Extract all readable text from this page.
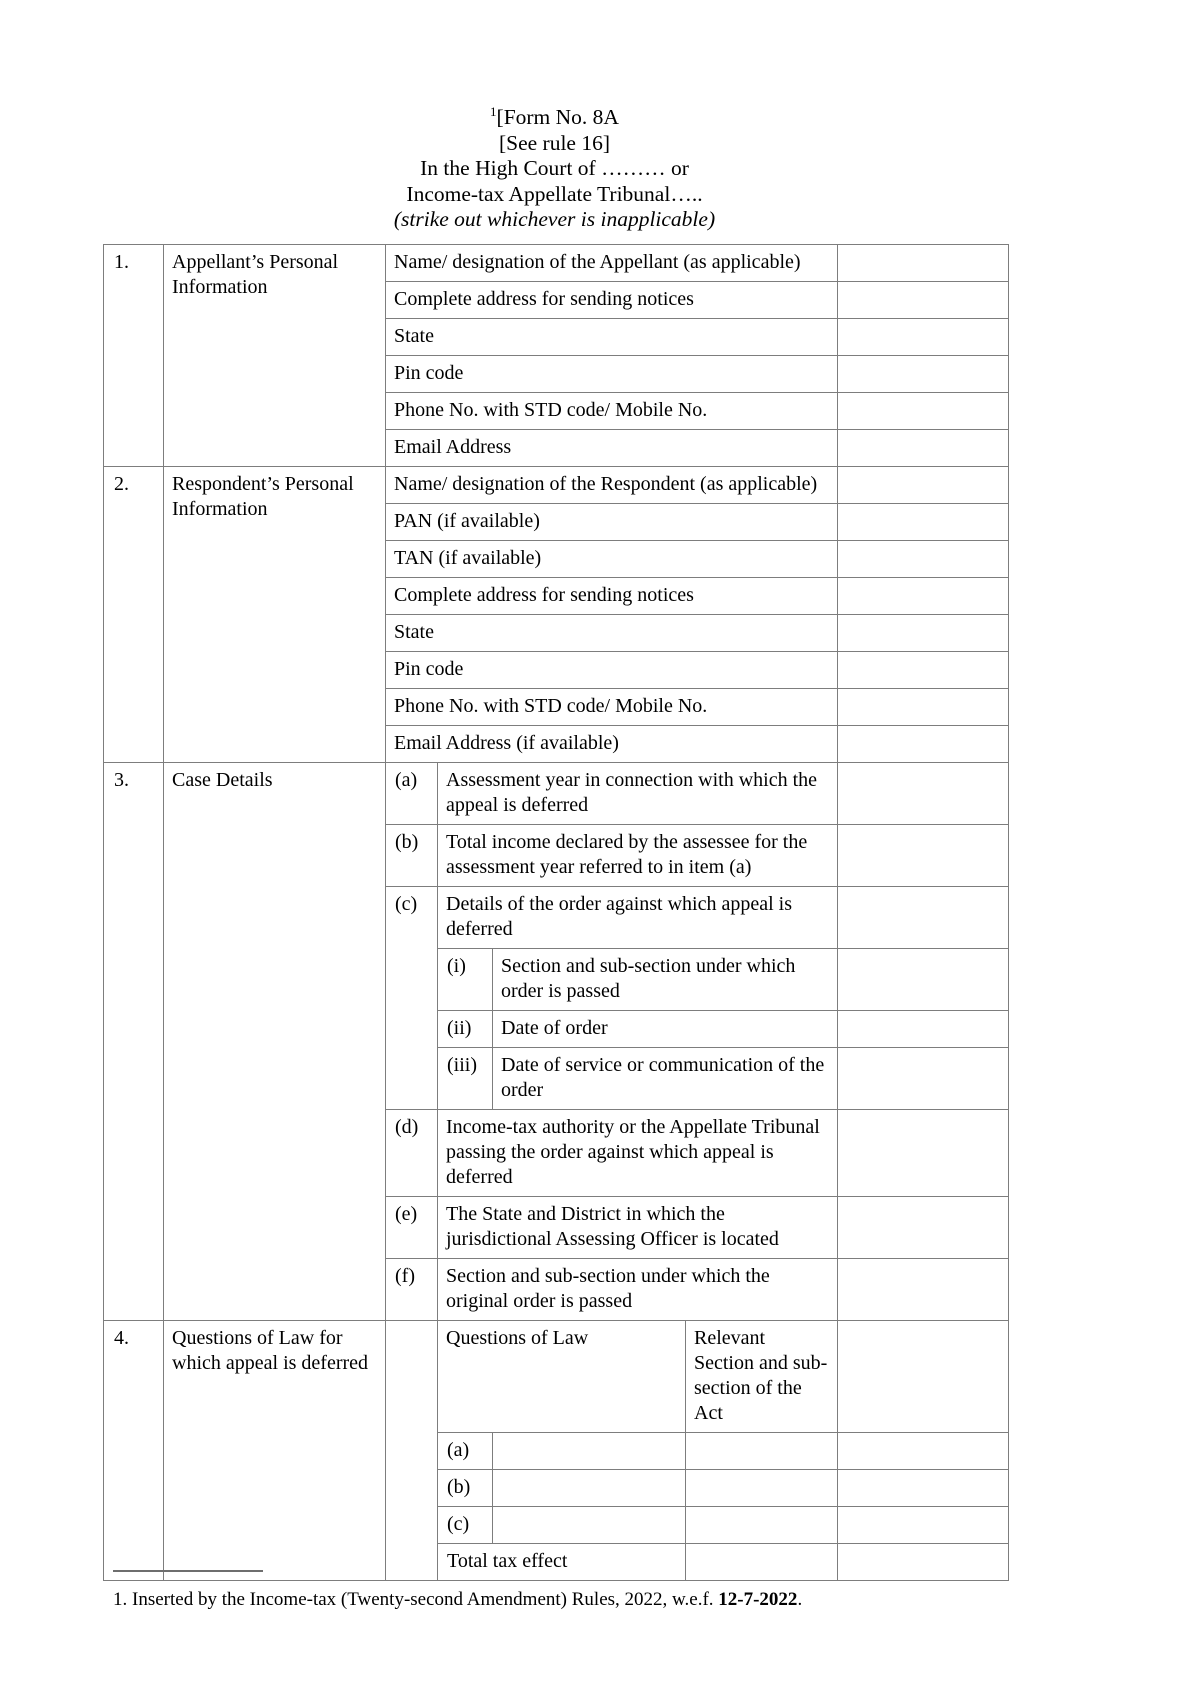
$^1$[Form No. 8A
[See rule 16]
In the High Court of ……… or
Income-tax Appellate Tribunal…..
(strike out whichever is inapplicable)
1.	Appellant’s Personal Information	Name/ designation of the Appellant (as applicable)				
		Complete address for sending notices				
		State				
		Pin code				
		Phone No. with STD code/ Mobile No.				
		Email Address				
2.	Respondent’s Personal Information	Name/ designation of the Respondent (as applicable)				
		PAN (if available)				
		TAN (if available)				
		Complete address for sending notices				
		State				
		Pin code				
		Phone No. with STD code/ Mobile No.				
		Email Address (if available)				
3.	Case Details	(a)	Assessment year in connection with which the appeal is deferred			
		(b)	Total income declared by the assessee for the assessment year referred to in item (a)			
		(c)	Details of the order against which appeal is deferred			
			(i)	Section and sub-section under which order is passed		
			(ii)	Date of order		
			(iii)	Date of service or communication of the order		
		(d)	Income-tax authority or the Appellate Tribunal passing the order against which appeal is deferred			
		(e)	The State and District in which the jurisdictional Assessing Officer is located			
		(f)	Section and sub-section under which the original order is passed			
4.	Questions of Law for which appeal is deferred		Questions of Law		Relevant Section and sub-section of the Act	
			(a)			
			(b)			
			(c)			
			Total tax effect			
1. Inserted by the Income-tax (Twenty-second Amendment) Rules, 2022, w.e.f. 12-7-2022.
